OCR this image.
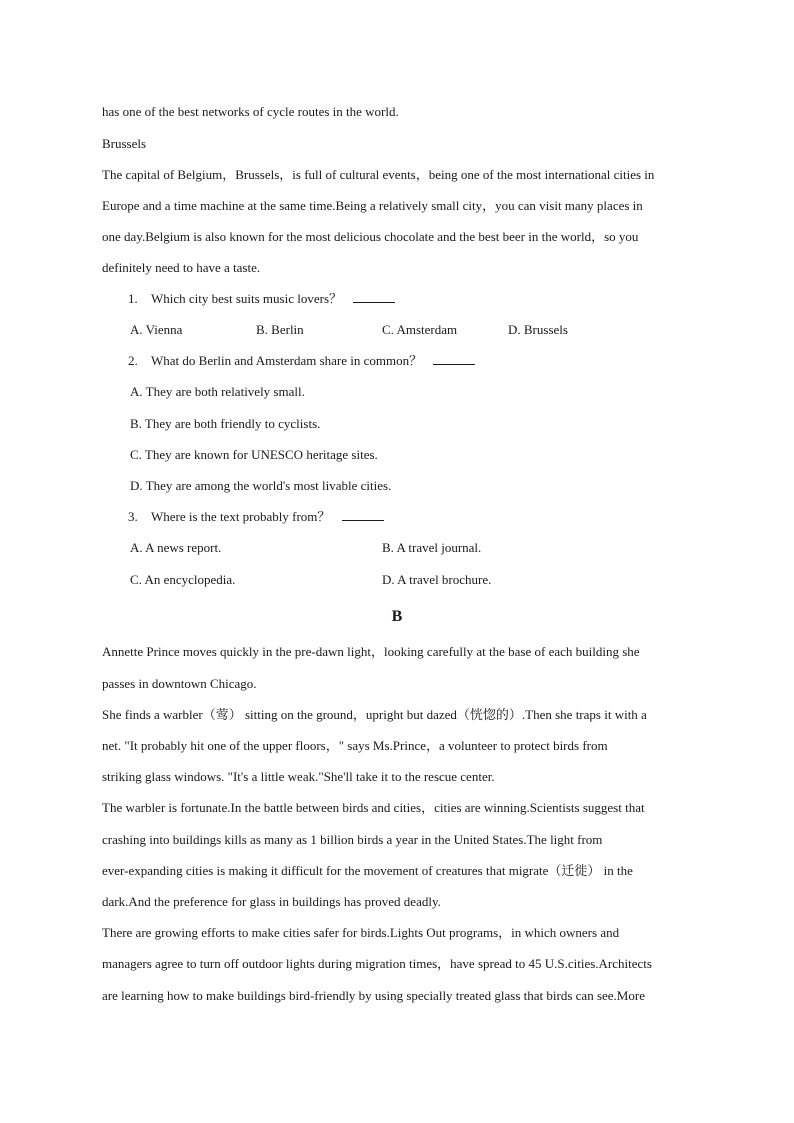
has one of the best networks of cycle routes in the world.
Brussels
The capital of Belgium，Brussels，is full of cultural events，being one of the most international cities in
Europe and a time machine at the same time.Being a relatively small city，you can visit many places in
one day.Belgium is also known for the most delicious chocolate and the best beer in the world，so you
definitely need to have a taste.
1. Which city best suits music lovers？
A. Vienna	B. Berlin	C. Amsterdam	D. Brussels
2. What do Berlin and Amsterdam share in common？
A. They are both relatively small.
B. They are both friendly to cyclists.
C. They are known for UNESCO heritage sites.
D. They are among the world's most livable cities.
3. Where is the text probably from？
A. A news report.	B. A travel journal.
C. An encyclopedia.	D. A travel brochure.
B
Annette Prince moves quickly in the pre-dawn light，looking carefully at the base of each building she
passes in downtown Chicago.
She finds a warbler（莺） sitting on the ground，upright but dazed（恍惚的）.Then she traps it with a
net. "It probably hit one of the upper floors，" says Ms.Prince，a volunteer to protect birds from
striking glass windows. "It's a little weak."She'll take it to the rescue center.
The warbler is fortunate.In the battle between birds and cities，cities are winning.Scientists suggest that
crashing into buildings kills as many as 1 billion birds a year in the United States.The light from
ever-expanding cities is making it difficult for the movement of creatures that migrate（迁徙） in the
dark.And the preference for glass in buildings has proved deadly.
There are growing efforts to make cities safer for birds.Lights Out programs，in which owners and
managers agree to turn off outdoor lights during migration times，have spread to 45 U.S.cities.Architects
are learning how to make buildings bird-friendly by using specially treated glass that birds can see.More
